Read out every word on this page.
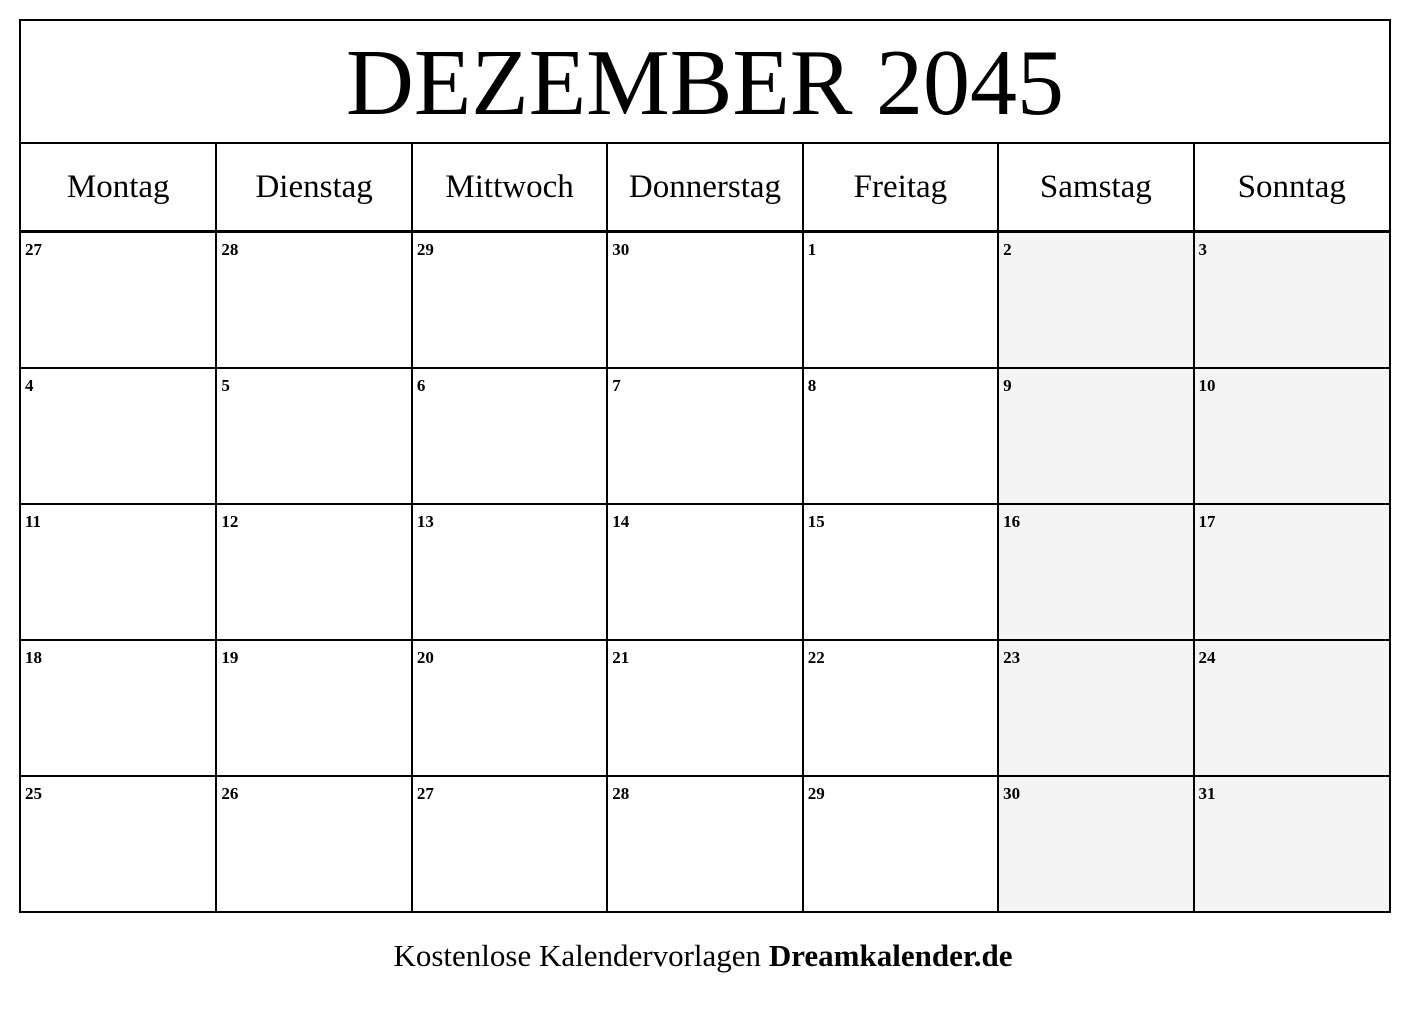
DEZEMBER 2045
Montag	Dienstag	Mittwoch	Donnerstag	Freitag	Samstag	Sonntag

27	28	29	30	1	2	3

4	5	6	7	8	9	10

11	12	13	14	15	16	17

18	19	20	21	22	23	24

25	26	27	28	29	30	31
Kostenlose Kalendervorlagen Dreamkalender.de
